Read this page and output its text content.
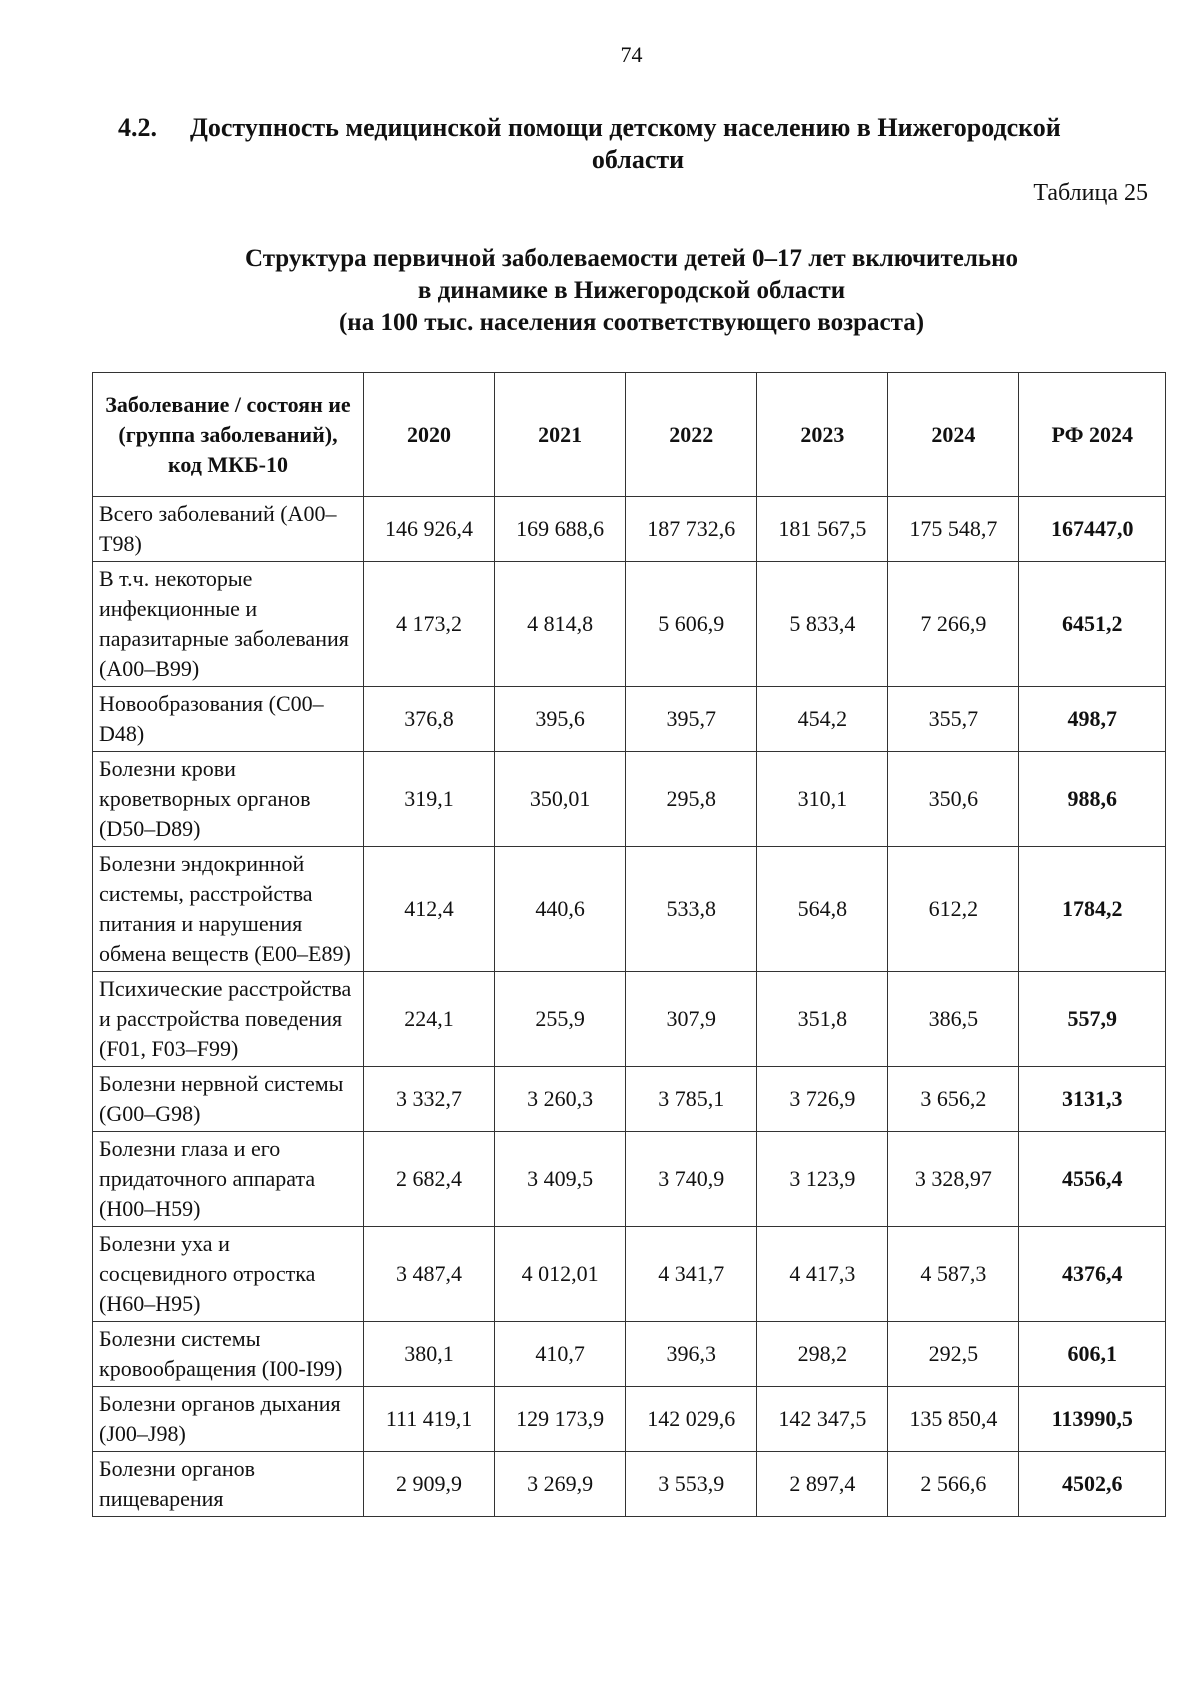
74
4.2. Доступность медицинской помощи детскому населению в Нижегородской
области
Таблица 25
Структура первичной заболеваемости детей 0–17 лет включительно
в динамике в Нижегородской области
(на 100 тыс. населения соответствующего возраста)
Заболевание / состоян ие (группа заболеваний), код МКБ-10	2020	2021	2022	2023	2024	РФ 2024
Всего заболеваний (А00–Т98)	146 926,4	169 688,6	187 732,6	181 567,5	175 548,7	167447,0
В т.ч. некоторые инфекционные и паразитарные заболевания (А00–В99)	4 173,2	4 814,8	5 606,9	5 833,4	7 266,9	6451,2
Новообразования (С00–D48)	376,8	395,6	395,7	454,2	355,7	498,7
Болезни крови кроветворных органов (D50–D89)	319,1	350,01	295,8	310,1	350,6	988,6
Болезни эндокринной системы, расстройства питания и нарушения обмена веществ (Е00–Е89)	412,4	440,6	533,8	564,8	612,2	1784,2
Психические расстройства и расстройства поведения (F01, F03–F99)	224,1	255,9	307,9	351,8	386,5	557,9
Болезни нервной системы (G00–G98)	3 332,7	3 260,3	3 785,1	3 726,9	3 656,2	3131,3
Болезни глаза и его придаточного аппарата (Н00–Н59)	2 682,4	3 409,5	3 740,9	3 123,9	3 328,97	4556,4
Болезни уха и сосцевидного отростка (Н60–Н95)	3 487,4	4 012,01	4 341,7	4 417,3	4 587,3	4376,4
Болезни системы кровообращения (I00-I99)	380,1	410,7	396,3	298,2	292,5	606,1
Болезни органов дыхания (J00–J98)	111 419,1	129 173,9	142 029,6	142 347,5	135 850,4	113990,5
Болезни органов пищеварения	2 909,9	3 269,9	3 553,9	2 897,4	2 566,6	4502,6
